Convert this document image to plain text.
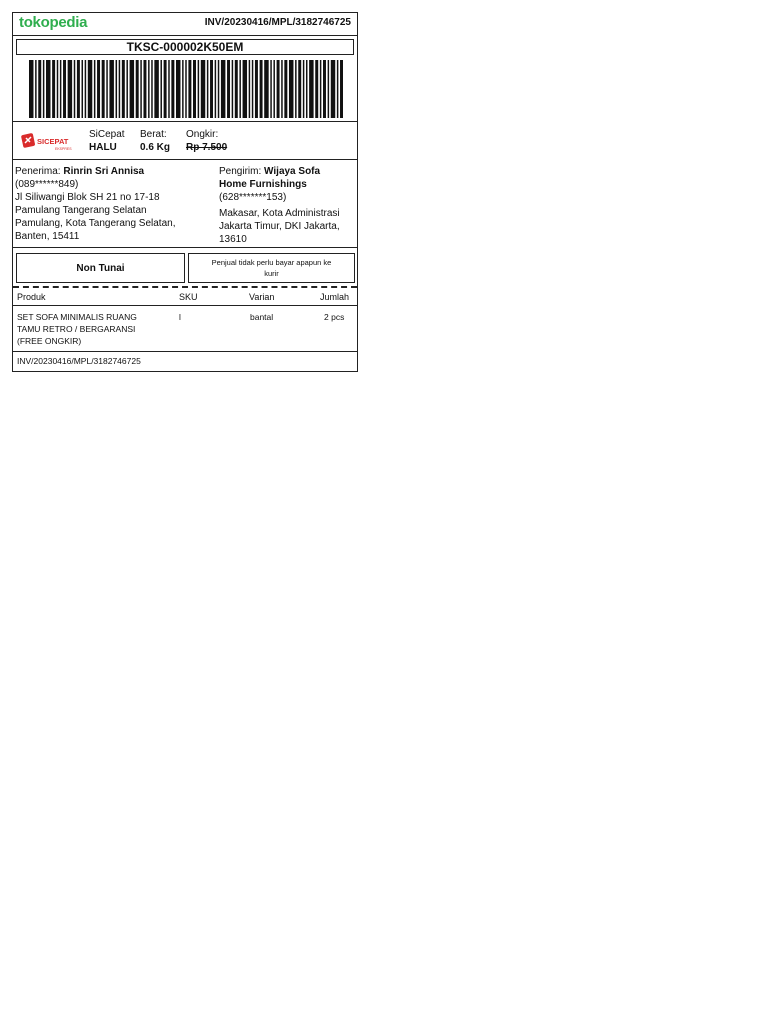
tokopedia	INV/20230416/MPL/3182746725
TKSC-000002K50EM
SICEPAT
EKSPRES
SiCepat
HALU
Berat:
0.6 Kg
Ongkir:
Rp 7.500
Penerima: Rinrin Sri Annisa
(089******849)
Jl Siliwangi Blok SH 21 no 17-18
Pamulang Tangerang Selatan
Pamulang, Kota Tangerang Selatan,
Banten, 15411
Pengirim: Wijaya Sofa
Home Furnishings
(628*******153)
Makasar, Kota Administrasi
Jakarta Timur, DKI Jakarta,
13610
Non Tunai	Penjual tidak perlu bayar apapun ke
kurir
Produk	SKU	Varian	Jumlah
SET SOFA MINIMALIS RUANG
TAMU RETRO / BERGARANSI
(FREE ONGKIR)
l	bantal	2 pcs
INV/20230416/MPL/3182746725
